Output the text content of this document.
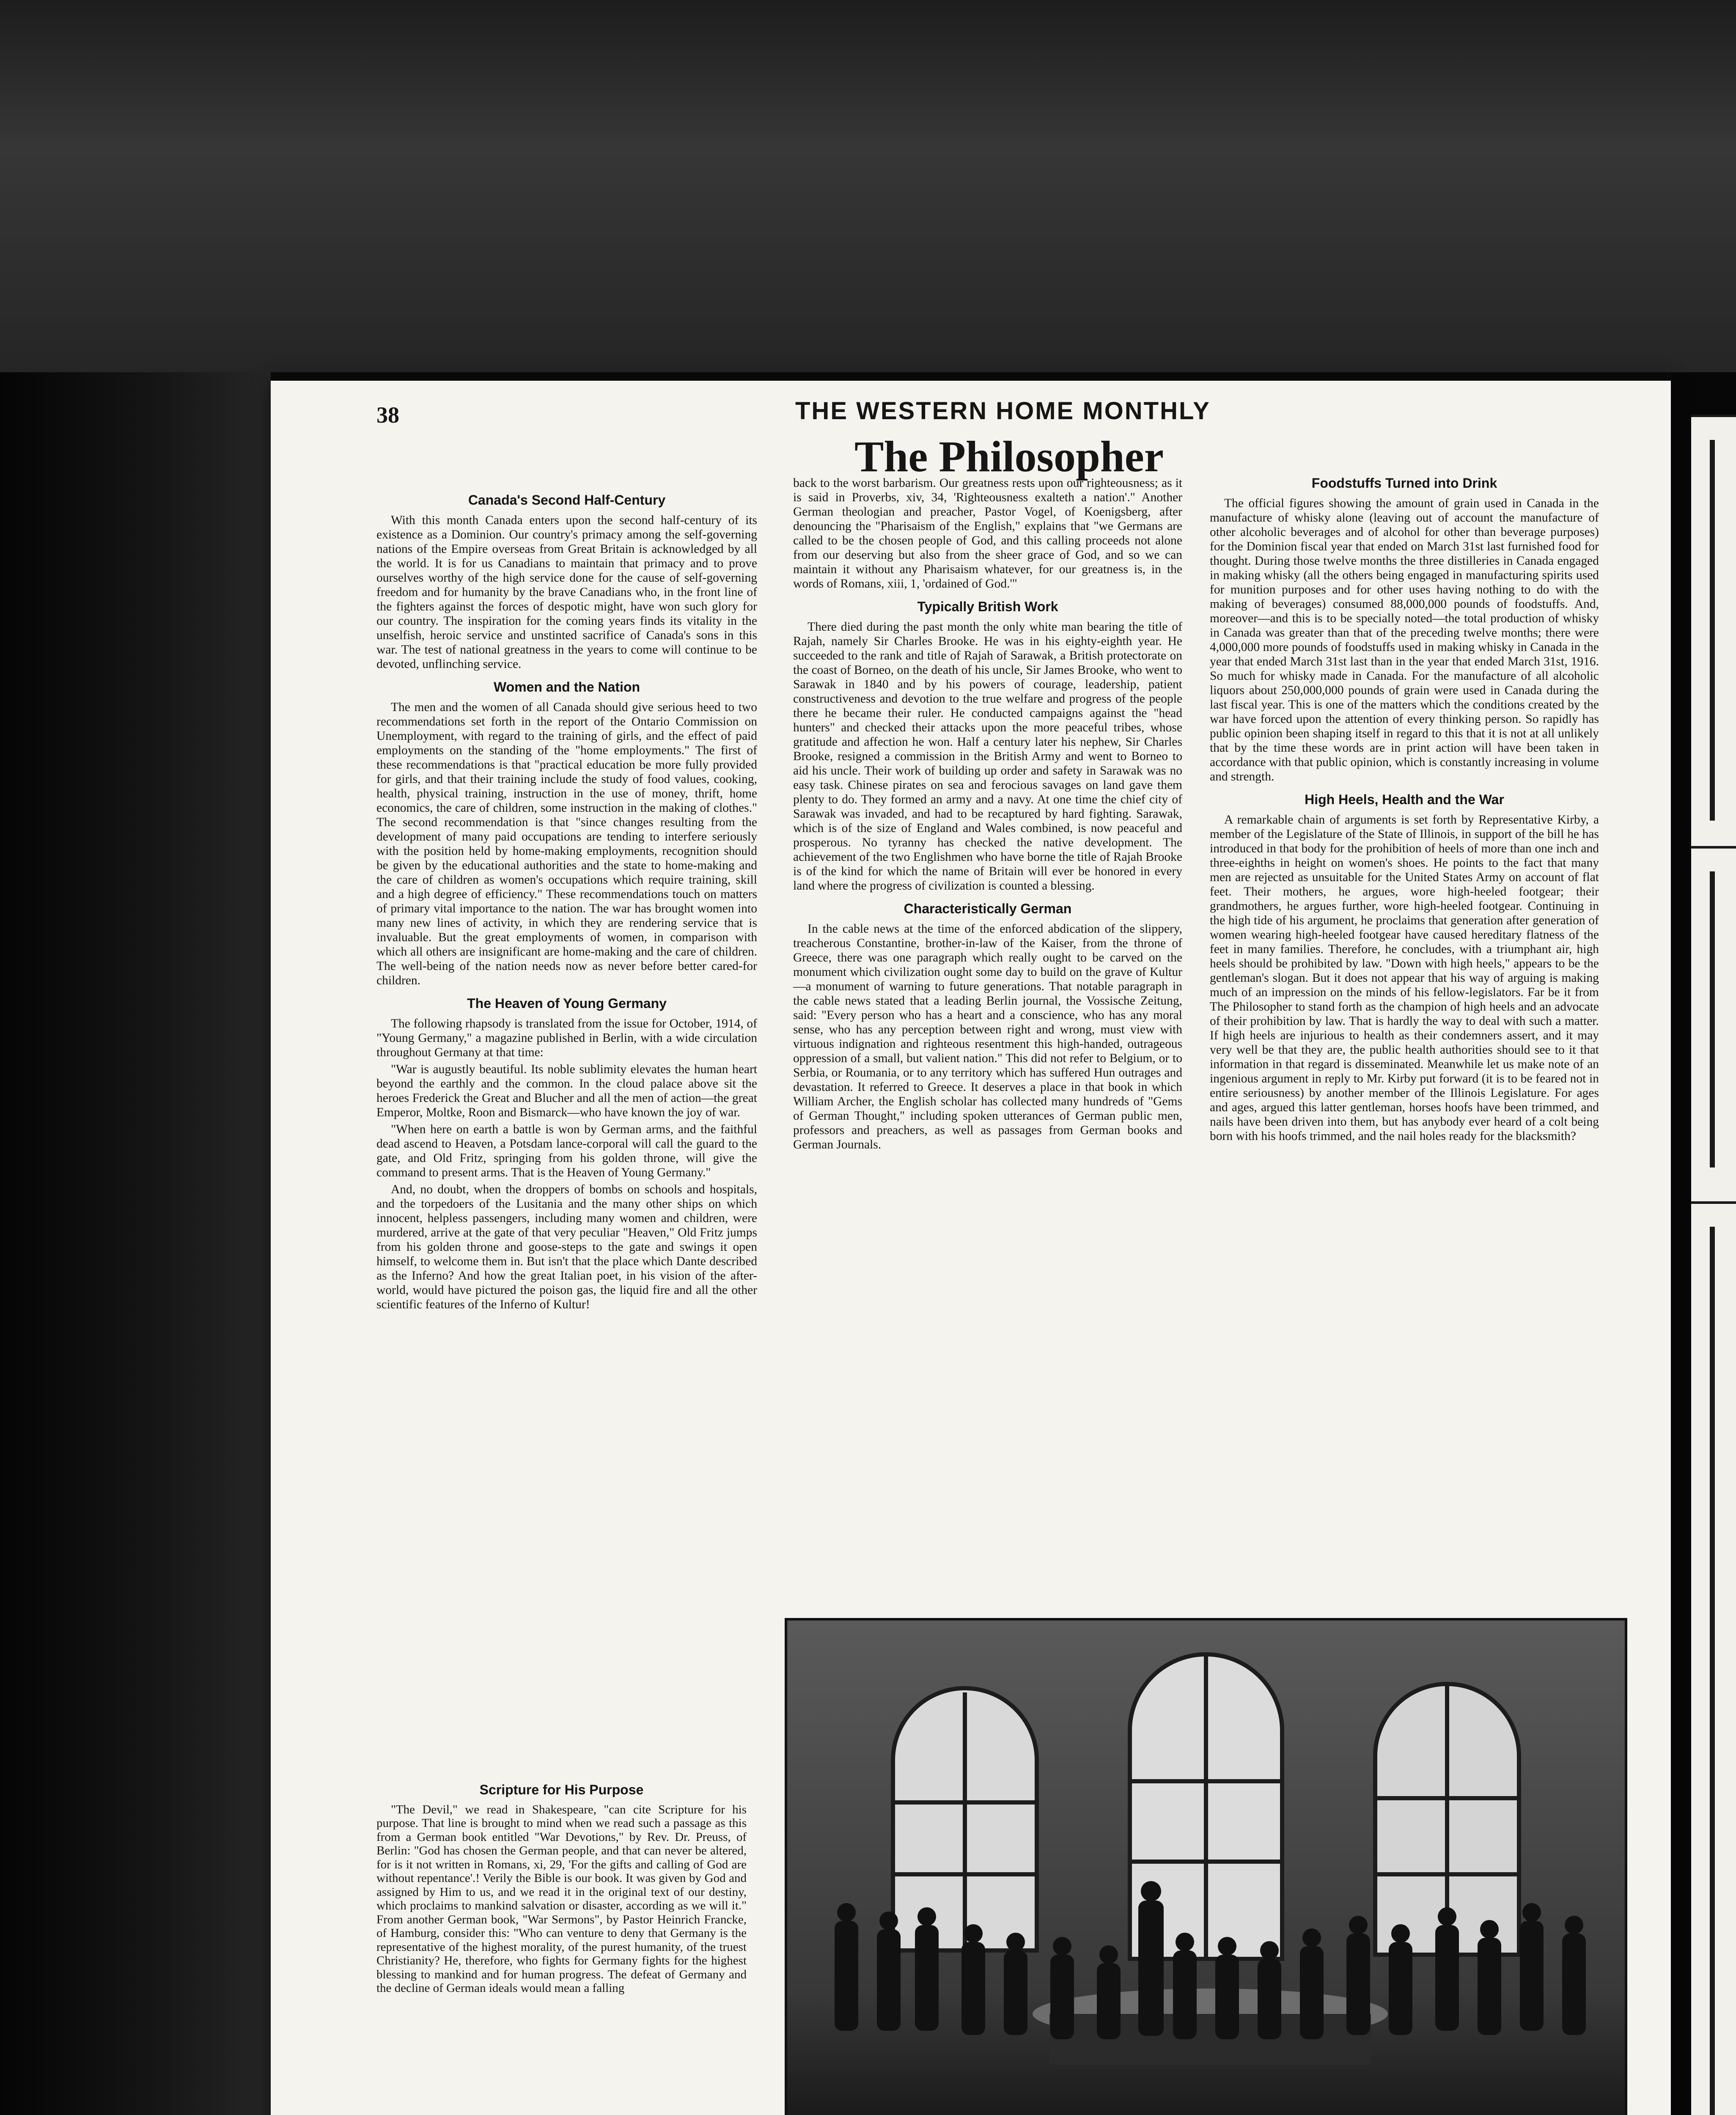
38	THE WESTERN HOME MONTHLY
The Philosopher
Canada's Second Half-Century

With this month Canada enters upon the second half-century of its existence as a Dominion. Our country's primacy among the self-governing nations of the Empire overseas from Great Britain is acknowledged by all the world. It is for us Canadians to maintain that primacy and to prove ourselves worthy of the high service done for the cause of self-governing freedom and for humanity by the brave Canadians who, in the front line of the fighters against the forces of despotic might, have won such glory for our country. The inspiration for the coming years finds its vitality in the unselfish, heroic service and unstinted sacrifice of Canada's sons in this war. The test of national greatness in the years to come will continue to be devoted, unflinching service.

Women and the Nation

The men and the women of all Canada should give serious heed to two recommendations set forth in the report of the Ontario Commission on Unemployment, with regard to the training of girls, and the effect of paid employments on the standing of the "home employments." The first of these recommendations is that "practical education be more fully provided for girls, and that their training include the study of food values, cooking, health, physical training, instruction in the use of money, thrift, home economics, the care of children, some instruction in the making of clothes." The second recommendation is that "since changes resulting from the development of many paid occupations are tending to interfere seriously with the position held by home-making employments, recognition should be given by the educational authorities and the state to home-making and the care of children as women's occupations which require training, skill and a high degree of efficiency." These recommendations touch on matters of primary vital importance to the nation. The war has brought women into many new lines of activity, in which they are rendering service that is invaluable. But the great employments of women, in comparison with which all others are insignificant are home-making and the care of children. The well-being of the nation needs now as never before better cared-for children.

The Heaven of Young Germany

The following rhapsody is translated from the issue for October, 1914, of "Young Germany," a magazine published in Berlin, with a wide circulation throughout Germany at that time:

"War is augustly beautiful. Its noble sublimity elevates the human heart beyond the earthly and the common. In the cloud palace above sit the heroes Frederick the Great and Blucher and all the men of action—the great Emperor, Moltke, Roon and Bismarck—who have known the joy of war.

"When here on earth a battle is won by German arms, and the faithful dead ascend to Heaven, a Potsdam lance-corporal will call the guard to the gate, and Old Fritz, springing from his golden throne, will give the command to present arms. That is the Heaven of Young Germany."

And, no doubt, when the droppers of bombs on schools and hospitals, and the torpedoers of the Lusitania and the many other ships on which innocent, helpless passengers, including many women and children, were murdered, arrive at the gate of that very peculiar "Heaven," Old Fritz jumps from his golden throne and goose-steps to the gate and swings it open himself, to welcome them in. But isn't that the place which Dante described as the Inferno? And how the great Italian poet, in his vision of the after-world, would have pictured the poison gas, the liquid fire and all the other scientific features of the Inferno of Kultur!

Scripture for His Purpose

"The Devil," we read in Shakespeare, "can cite Scripture for his purpose. That line is brought to mind when we read such a passage as this from a German book entitled "War Devotions," by Rev. Dr. Preuss, of Berlin: "God has chosen the German people, and that can never be altered, for is it not written in Romans, xi, 29, 'For the gifts and calling of God are without repentance'.! Verily the Bible is our book. It was given by God and assigned by Him to us, and we read it in the original text of our destiny, which proclaims to mankind salvation or disaster, according as we will it." From another German book, "War Sermons", by Pastor Heinrich Francke, of Hamburg, consider this: "Who can venture to deny that Germany is the representative of the highest morality, of the purest humanity, of the truest Christianity? He, therefore, who fights for Germany fights for the highest blessing to mankind and for human progress. The defeat of Germany and the decline of German ideals would mean a falling

back to the worst barbarism. Our greatness rests upon our righteousness; as it is said in Proverbs, xiv, 34, 'Righteousness exalteth a nation'." Another German theologian and preacher, Pastor Vogel, of Koenigsberg, after denouncing the "Pharisaism of the English," explains that "we Germans are called to be the chosen people of God, and this calling proceeds not alone from our deserving but also from the sheer grace of God, and so we can maintain it without any Pharisaism whatever, for our greatness is, in the words of Romans, xiii, 1, 'ordained of God.'"

Typically British Work

There died during the past month the only white man bearing the title of Rajah, namely Sir Charles Brooke. He was in his eighty-eighth year. He succeeded to the rank and title of Rajah of Sarawak, a British protectorate on the coast of Borneo, on the death of his uncle, Sir James Brooke, who went to Sarawak in 1840 and by his powers of courage, leadership, patient constructiveness and devotion to the true welfare and progress of the people there he became their ruler. He conducted campaigns against the "head hunters" and checked their attacks upon the more peaceful tribes, whose gratitude and affection he won. Half a century later his nephew, Sir Charles Brooke, resigned a commission in the British Army and went to Borneo to aid his uncle. Their work of building up order and safety in Sarawak was no easy task. Chinese pirates on sea and ferocious savages on land gave them plenty to do. They formed an army and a navy. At one time the chief city of Sarawak was invaded, and had to be recaptured by hard fighting. Sarawak, which is of the size of England and Wales combined, is now peaceful and prosperous. No tyranny has checked the native development. The achievement of the two Englishmen who have borne the title of Rajah Brooke is of the kind for which the name of Britain will ever be honored in every land where the progress of civilization is counted a blessing.

Characteristically German

In the cable news at the time of the enforced abdication of the slippery, treacherous Constantine, brother-in-law of the Kaiser, from the throne of Greece, there was one paragraph which really ought to be carved on the monument which civilization ought some day to build on the grave of Kultur—a monument of warning to future generations. That notable paragraph in the cable news stated that a leading Berlin journal, the Vossische Zeitung, said: "Every person who has a heart and a conscience, who has any moral sense, who has any perception between right and wrong, must view with virtuous indignation and righteous resentment this high-handed, outrageous oppression of a small, but valient nation." This did not refer to Belgium, or to Serbia, or Roumania, or to any territory which has suffered Hun outrages and devastation. It referred to Greece. It deserves a place in that book in which William Archer, the English scholar has collected many hundreds of "Gems of German Thought," including spoken utterances of German public men, professors and preachers, as well as passages from German books and German Journals.

Foodstuffs Turned into Drink

The official figures showing the amount of grain used in Canada in the manufacture of whisky alone (leaving out of account the manufacture of other alcoholic beverages and of alcohol for other than beverage purposes) for the Dominion fiscal year that ended on March 31st last furnished food for thought. During those twelve months the three distilleries in Canada engaged in making whisky (all the others being engaged in manufacturing spirits used for munition purposes and for other uses having nothing to do with the making of beverages) consumed 88,000,000 pounds of foodstuffs. And, moreover—and this is to be specially noted—the total production of whisky in Canada was greater than that of the preceding twelve months; there were 4,000,000 more pounds of foodstuffs used in making whisky in Canada in the year that ended March 31st last than in the year that ended March 31st, 1916. So much for whisky made in Canada. For the manufacture of all alcoholic liquors about 250,000,000 pounds of grain were used in Canada during the last fiscal year. This is one of the matters which the conditions created by the war have forced upon the attention of every thinking person. So rapidly has public opinion been shaping itself in regard to this that it is not at all unlikely that by the time these words are in print action will have been taken in accordance with that public opinion, which is constantly increasing in volume and strength.

High Heels, Health and the War

A remarkable chain of arguments is set forth by Representative Kirby, a member of the Legislature of the State of Illinois, in support of the bill he has introduced in that body for the prohibition of heels of more than one inch and three-eighths in height on women's shoes. He points to the fact that many men are rejected as unsuitable for the United States Army on account of flat feet. Their mothers, he argues, wore high-heeled footgear; their grandmothers, he argues further, wore high-heeled footgear. Continuing in the high tide of his argument, he proclaims that generation after generation of women wearing high-heeled footgear have caused hereditary flatness of the feet in many families. Therefore, he concludes, with a triumphant air, high heels should be prohibited by law. "Down with high heels," appears to be the gentleman's slogan. But it does not appear that his way of arguing is making much of an impression on the minds of his fellow-legislators. Far be it from The Philosopher to stand forth as the champion of high heels and an advocate of their prohibition by law. That is hardly the way to deal with such a matter. If high heels are injurious to health as their condemners assert, and it may very well be that they are, the public health authorities should see to it that information in that regard is disseminated. Meanwhile let us make note of an ingenious argument in reply to Mr. Kirby put forward (it is to be feared not in entire seriousness) by another member of the Illinois Legislature. For ages and ages, argued this latter gentleman, horses hoofs have been trimmed, and nails have been driven into them, but has anybody ever heard of a colt being born with his hoofs trimmed, and the nail holes ready for the blacksmith?
